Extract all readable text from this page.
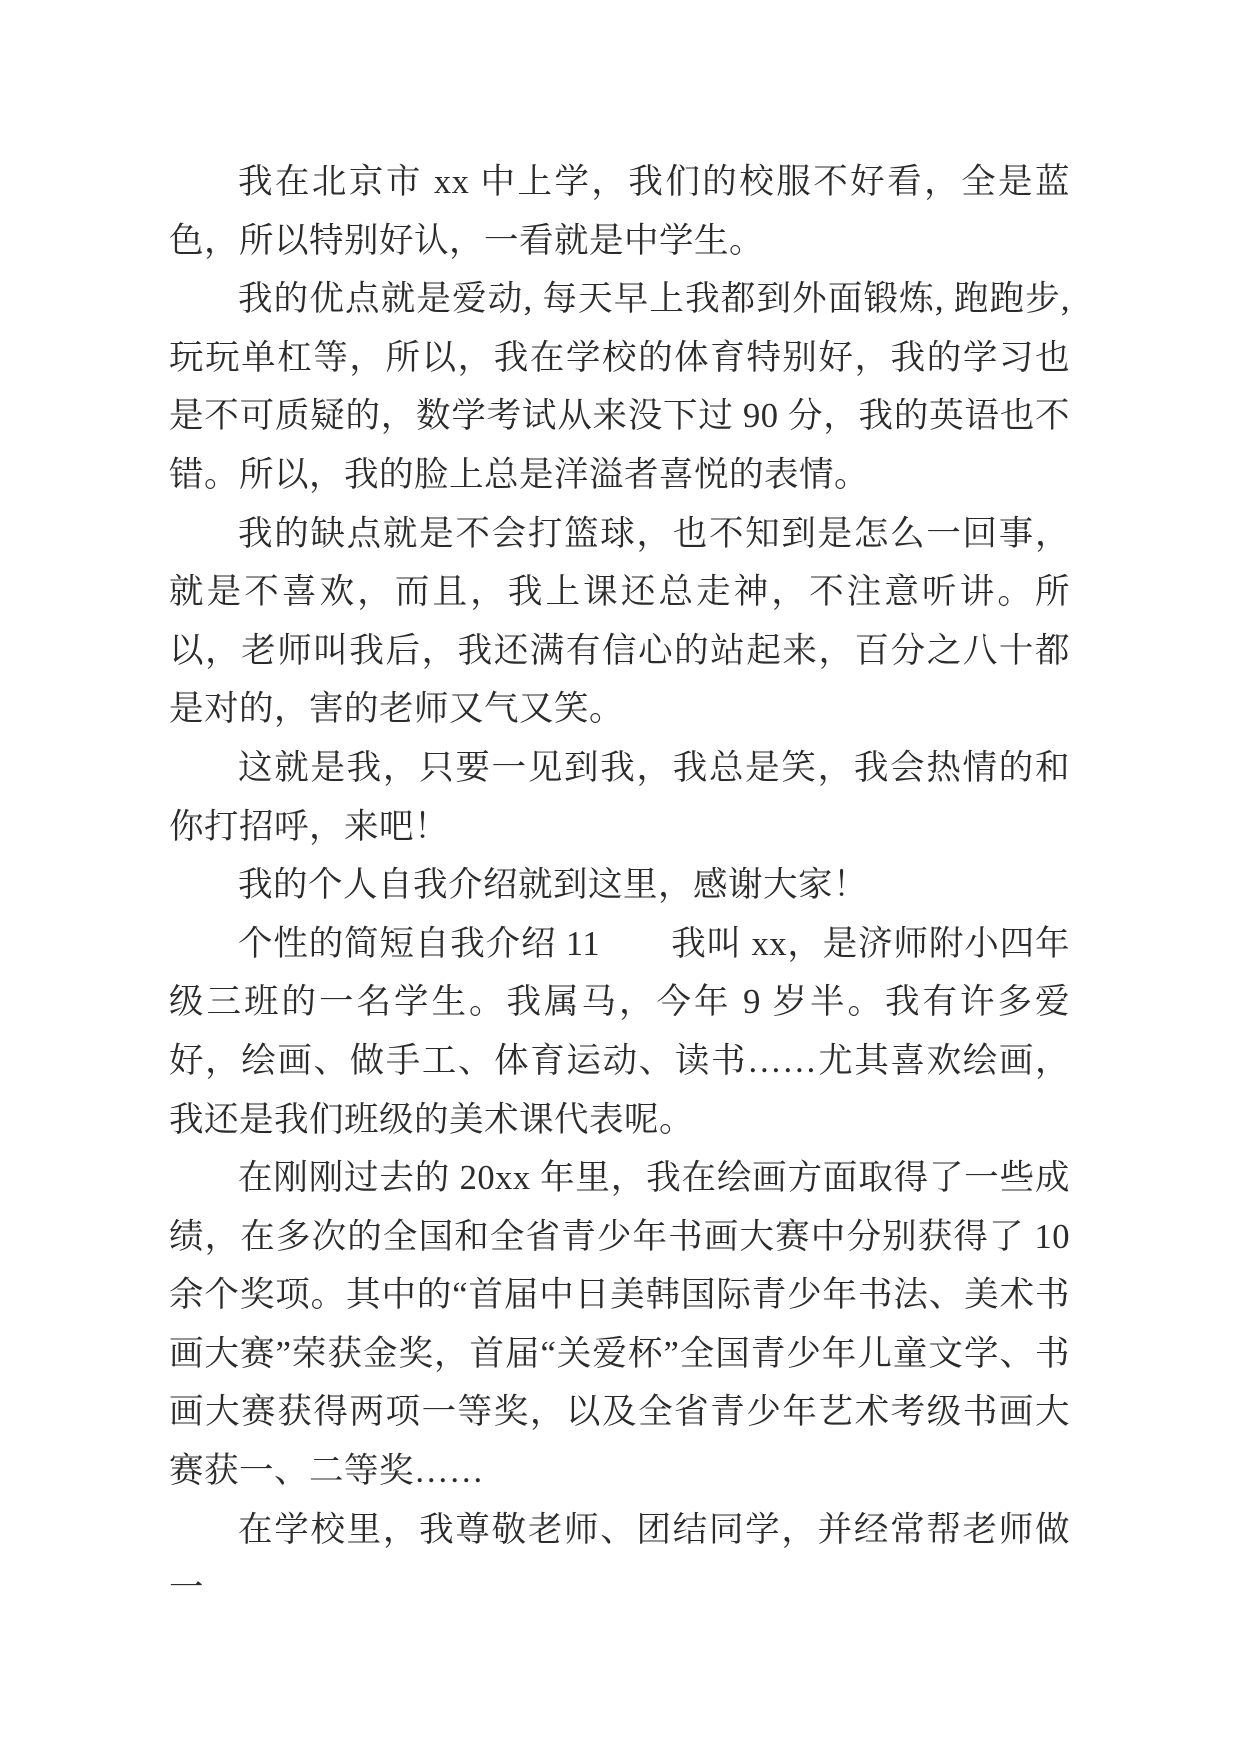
我在北京市 xx 中上学，我们的校服不好看，全是蓝色，所以特别好认，一看就是中学生。

我的优点就是爱动, 每天早上我都到外面锻炼, 跑跑步, 玩玩单杠等，所以，我在学校的体育特别好，我的学习也是不可质疑的，数学考试从来没下过 90 分，我的英语也不错。所以，我的脸上总是洋溢者喜悦的表情。

我的缺点就是不会打篮球，也不知到是怎么一回事，就是不喜欢，而且，我上课还总走神，不注意听讲。所以，老师叫我后，我还满有信心的站起来，百分之八十都是对的，害的老师又气又笑。

这就是我，只要一见到我，我总是笑，我会热情的和你打招呼，来吧！

我的个人自我介绍就到这里，感谢大家！

个性的简短自我介绍 11　　我叫 xx，是济师附小四年级三班的一名学生。我属马，今年 9 岁半。我有许多爱好，绘画、做手工、体育运动、读书……尤其喜欢绘画，我还是我们班级的美术课代表呢。

在刚刚过去的 20xx 年里，我在绘画方面取得了一些成绩，在多次的全国和全省青少年书画大赛中分别获得了 10 余个奖项。其中的“首届中日美韩国际青少年书法、美术书画大赛”荣获金奖，首届“关爱杯”全国青少年儿童文学、书画大赛获得两项一等奖，以及全省青少年艺术考级书画大赛获一、二等奖……

在学校里，我尊敬老师、团结同学，并经常帮老师做一
